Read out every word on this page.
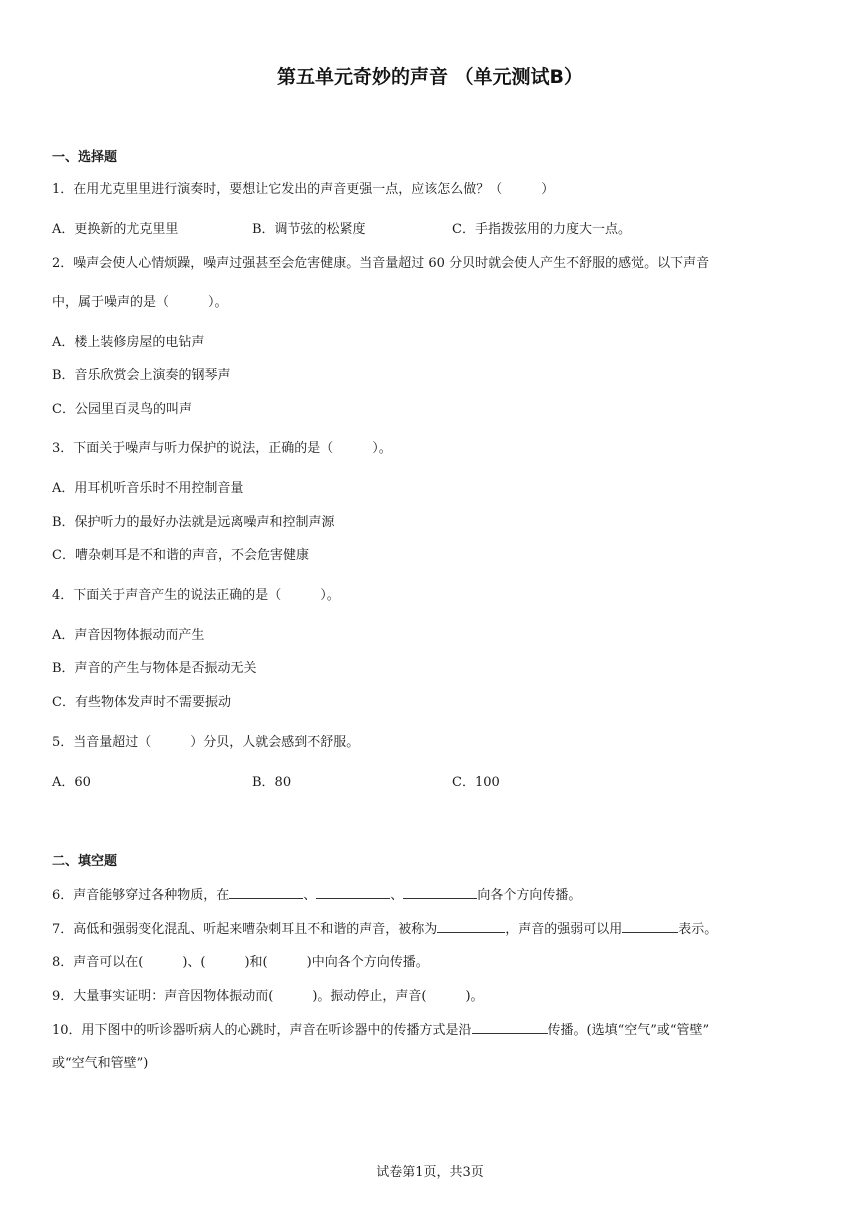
第五单元奇妙的声音 （单元测试B）
一、选择题
1．在用尤克里里进行演奏时，要想让它发出的声音更强一点，应该怎么做？（　　　）
A．更换新的尤克里里	B．调节弦的松紧度	C．手指拨弦用的力度大一点。
2．噪声会使人心情烦躁，噪声过强甚至会危害健康。当音量超过 60 分贝时就会使人产生不舒服的感觉。以下声音
中，属于噪声的是（　　　）。
A．楼上装修房屋的电钻声
B．音乐欣赏会上演奏的钢琴声
C．公园里百灵鸟的叫声
3．下面关于噪声与听力保护的说法，正确的是（　　　）。
A．用耳机听音乐时不用控制音量
B．保护听力的最好办法就是远离噪声和控制声源
C．嘈杂刺耳是不和谐的声音，不会危害健康
4．下面关于声音产生的说法正确的是（　　　）。
A．声音因物体振动而产生
B．声音的产生与物体是否振动无关
C．有些物体发声时不需要振动
5．当音量超过（　　　）分贝，人就会感到不舒服。
A．60	B．80	C．100
二、填空题
6．声音能够穿过各种物质，在	、	、	向各个方向传播。
7．高低和强弱变化混乱、听起来嘈杂刺耳且不和谐的声音，被称为	，声音的强弱可以用	表示。
8．声音可以在(　　　)、(　　　)和(　　　)中向各个方向传播。
9．大量事实证明：声音因物体振动而(　　　)。振动停止，声音(　　　)。
10．用下图中的听诊器听病人的心跳时，声音在听诊器中的传播方式是沿	传播。(选填“空气”或“管壁”
或“空气和管壁”)
试卷第1页，共3页
